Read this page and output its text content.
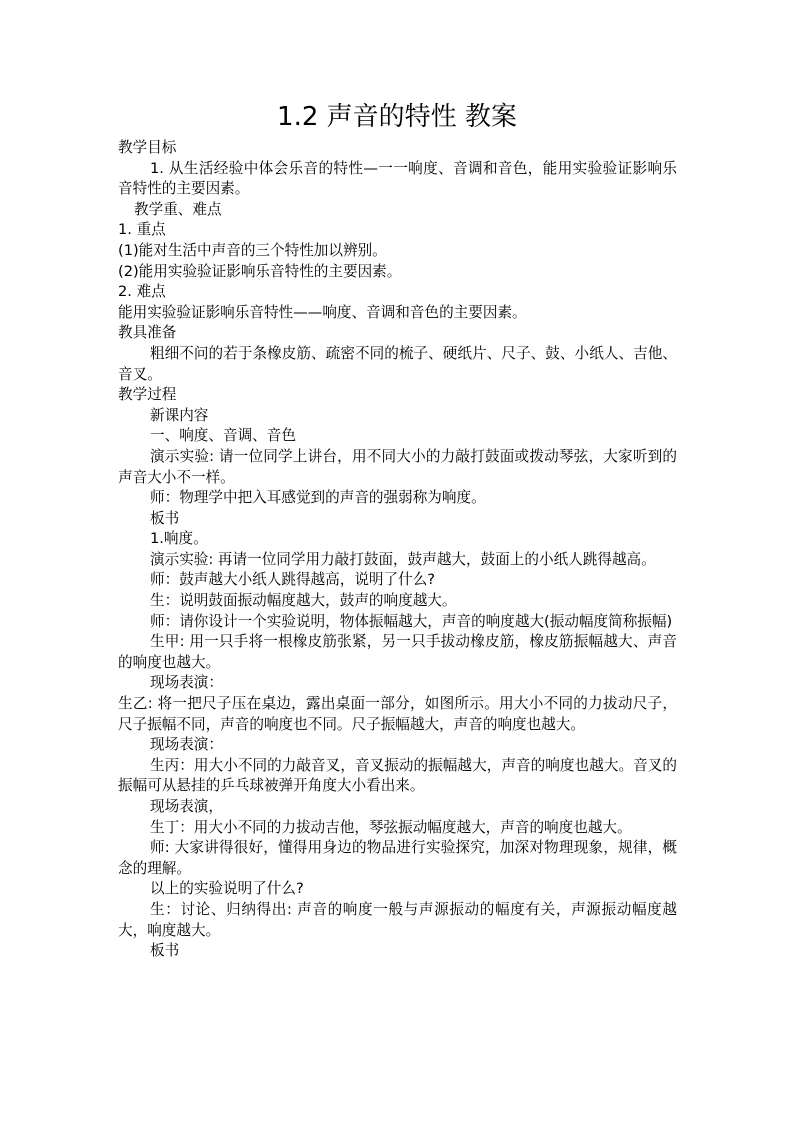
1.2 声音的特性 教案

教学目标

1. 从生活经验中体会乐音的特性—一一响度、音调和音色，能用实验验证影响乐音特性的主要因素。

教学重、难点

1. 重点

(1)能对生活中声音的三个特性加以辨别。

(2)能用实验验证影响乐音特性的主要因素。

2. 难点

能用实验验证影响乐音特性——响度、音调和音色的主要因素。

教具准备

粗细不问的若于条橡皮筋、疏密不同的梳子、硬纸片、尺子、鼓、小纸人、吉他、音叉。

教学过程

新课内容

一、响度、音调、音色

演示实验: 请一位同学上讲台，用不同大小的力敲打鼓面或拨动琴弦，大家听到的声音大小不一样。

师：物理学中把入耳感觉到的声音的强弱称为响度。

板书

1.响度。

演示实验: 再请一位同学用力敲打鼓面，鼓声越大，鼓面上的小纸人跳得越高。

师：鼓声越大小纸人跳得越高，说明了什么?

生：说明鼓面振动幅度越大，鼓声的响度越大。

师：请你设计一个实验说明，物体振幅越大，声音的响度越大(振动幅度简称振幅)

生甲: 用一只手将一根橡皮筋张紧，另一只手拔动橡皮筋，橡皮筋振幅越大、声音的响度也越大。

现场表演：

生乙: 将一把尺子压在桌边，露出桌面一部分，如图所示。用大小不同的力拔动尺子，尺子振幅不同，声音的响度也不同。尺子振幅越大，声音的响度也越大。

现场表演：

生丙：用大小不同的力敲音叉，音叉振动的振幅越大，声音的响度也越大。音叉的振幅可从悬挂的乒乓球被弹开角度大小看出来。

现场表演，

生丁：用大小不同的力拔动吉他，琴弦振动幅度越大，声音的响度也越大。

师: 大家讲得很好，懂得用身边的物品进行实验探究，加深对物理现象，规律，概念的理解。

以上的实验说明了什么?

生：讨论、归纳得出: 声音的响度一般与声源振动的幅度有关，声源振动幅度越大，响度越大。

板书
